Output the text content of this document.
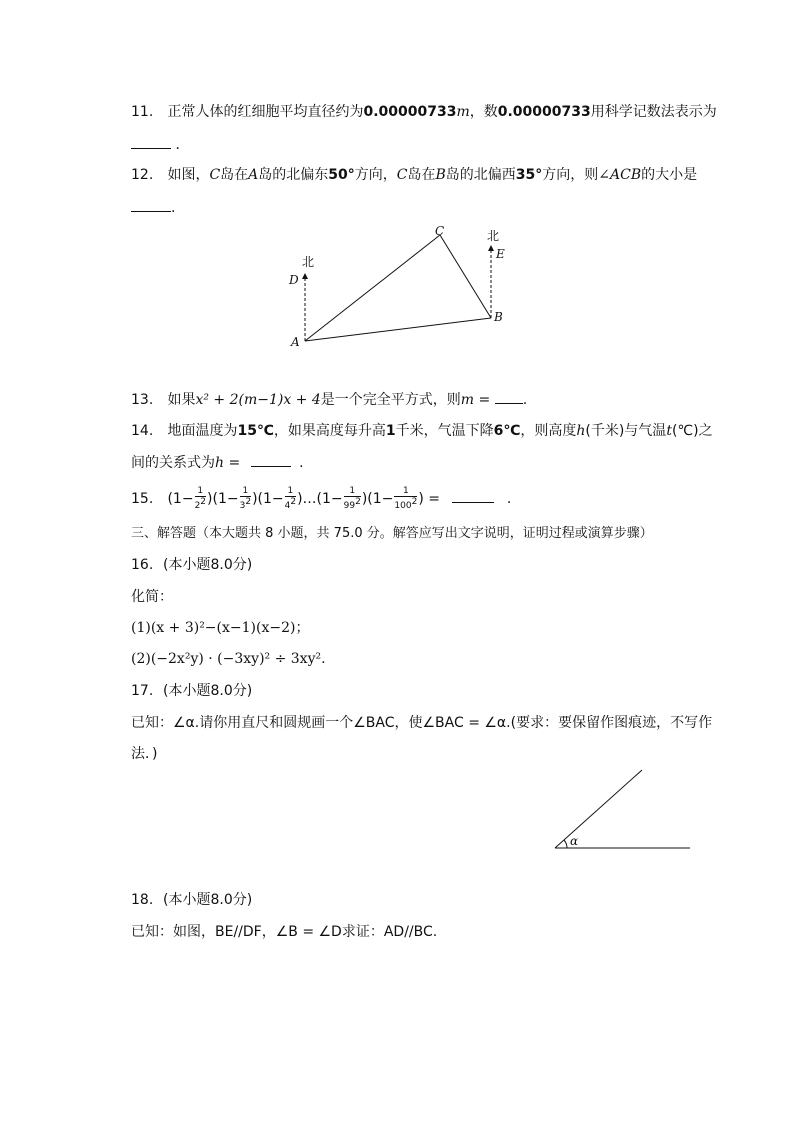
11. 正常人体的红细胞平均直径约为0.00000733m，数0.00000733用科学记数法表示为
．
12. 如图，C岛在A岛的北偏东50°方向，C岛在B岛的北偏西35°方向，则∠ACB的大小是
.
A
B
C
D
E
北
北
13. 如果x² + 2(m−1)x + 4是一个完全平方式，则m = .
14. 地面温度为15℃，如果高度每升高1千米，气温下降6℃，则高度h(千米)与气温t(℃)之
间的关系式为h =	.
15. $(1- \frac{1}{2^2} )(1- \frac{1}{3^2} )(1- \frac{1}{4^2}$ )…(1− $\frac{1}{99^2} )(1- \frac{1}{100^2}$ ) =	.
三、解答题（本大题共 8 小题，共 75.0 分。解答应写出文字说明，证明过程或演算步骤）
16. (本小题8.0分)
化简：
(1)(x + 3)²−(x−1)(x−2)；
(2)(−2x²y) · (−3xy)² ÷ 3xy².
17. (本小题8.0分)
已知：∠α.请你用直尺和圆规画一个∠BAC，使∠BAC = ∠α.(要求：要保留作图痕迹，不写作
法．)
α
18. (本小题8.0分)
已知：如图，BE//DF，∠B = ∠D求证：AD//BC.
